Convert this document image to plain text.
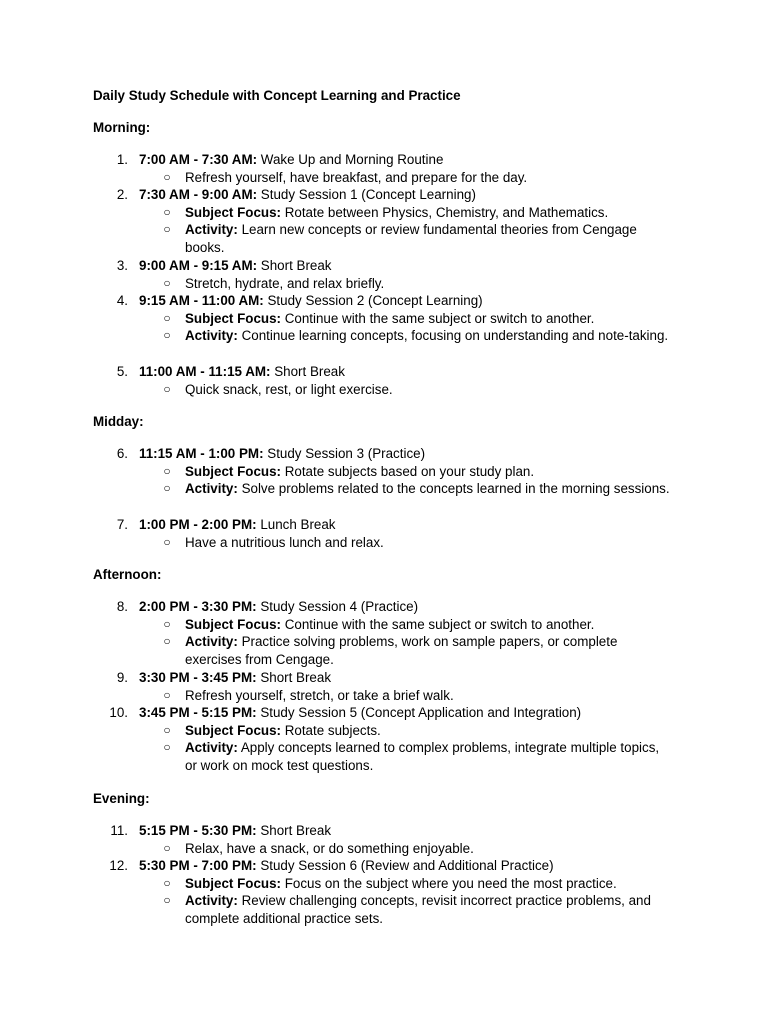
Daily Study Schedule with Concept Learning and Practice
Morning:
1. 7:00 AM - 7:30 AM: Wake Up and Morning Routine
○ Refresh yourself, have breakfast, and prepare for the day.
2. 7:30 AM - 9:00 AM: Study Session 1 (Concept Learning)
○ Subject Focus: Rotate between Physics, Chemistry, and Mathematics.
○ Activity: Learn new concepts or review fundamental theories from Cengage books.
3. 9:00 AM - 9:15 AM: Short Break
○ Stretch, hydrate, and relax briefly.
4. 9:15 AM - 11:00 AM: Study Session 2 (Concept Learning)
○ Subject Focus: Continue with the same subject or switch to another.
○ Activity: Continue learning concepts, focusing on understanding and note-taking.
5. 11:00 AM - 11:15 AM: Short Break
○ Quick snack, rest, or light exercise.
Midday:
6. 11:15 AM - 1:00 PM: Study Session 3 (Practice)
○ Subject Focus: Rotate subjects based on your study plan.
○ Activity: Solve problems related to the concepts learned in the morning sessions.
7. 1:00 PM - 2:00 PM: Lunch Break
○ Have a nutritious lunch and relax.
Afternoon:
8. 2:00 PM - 3:30 PM: Study Session 4 (Practice)
○ Subject Focus: Continue with the same subject or switch to another.
○ Activity: Practice solving problems, work on sample papers, or complete exercises from Cengage.
9. 3:30 PM - 3:45 PM: Short Break
○ Refresh yourself, stretch, or take a brief walk.
10. 3:45 PM - 5:15 PM: Study Session 5 (Concept Application and Integration)
○ Subject Focus: Rotate subjects.
○ Activity: Apply concepts learned to complex problems, integrate multiple topics, or work on mock test questions.
Evening:
11. 5:15 PM - 5:30 PM: Short Break
○ Relax, have a snack, or do something enjoyable.
12. 5:30 PM - 7:00 PM: Study Session 6 (Review and Additional Practice)
○ Subject Focus: Focus on the subject where you need the most practice.
○ Activity: Review challenging concepts, revisit incorrect practice problems, and complete additional practice sets.
